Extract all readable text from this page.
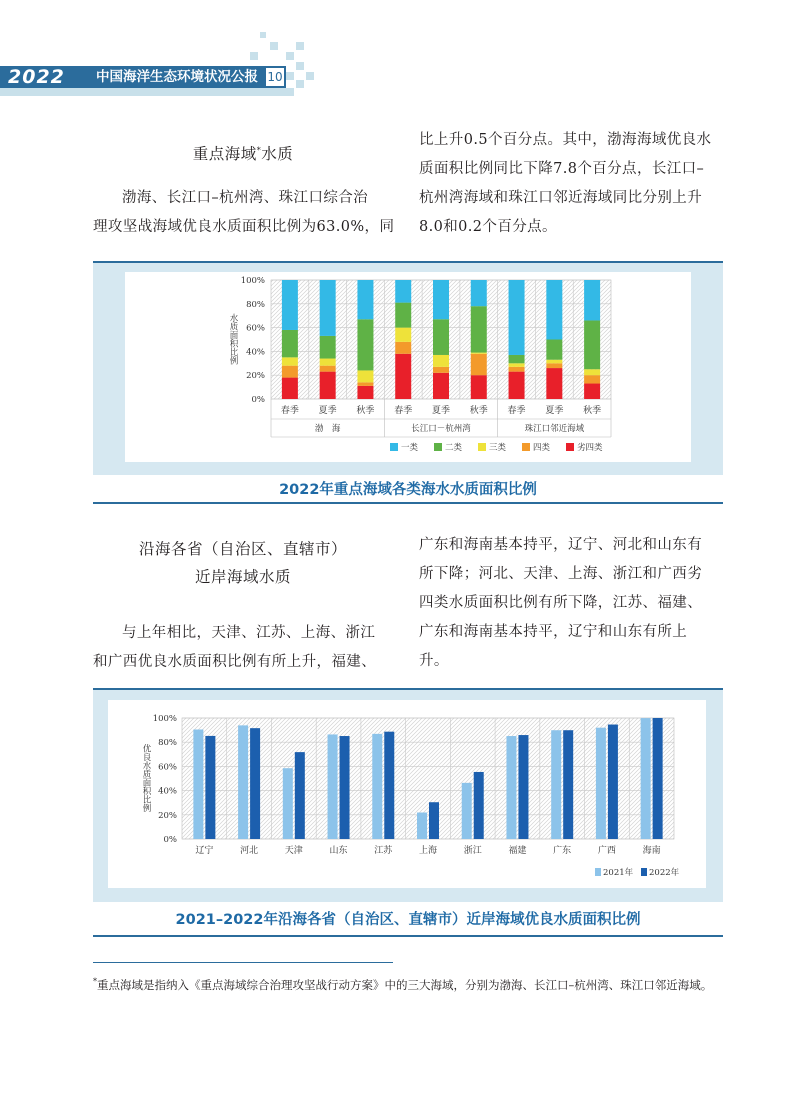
2022	中国海洋生态环境状况公报 10
重点海域*水质
渤海、长江口–杭州湾、珠江口综合治
理攻坚战海域优良水质面积比例为63.0%，同
比上升0.5个百分点。其中，渤海海域优良水
质面积比例同比下降7.8个百分点，长江口–
杭州湾海域和珠江口邻近海域同比分别上升
8.0和0.2个百分点。
0%
20%
40%
60%
80%
100%
水
质
面
积
比
例
春季 夏季 秋季 春季 夏季 秋季 春季 夏季 秋季
渤　海	长江口－杭州湾	珠江口邻近海域
一类	二类	三类	四类	劣四类
2022年重点海域各类海水水质面积比例
沿海各省（自治区、直辖市）
近岸海域水质
与上年相比，天津、江苏、上海、浙江
和广西优良水质面积比例有所上升，福建、
广东和海南基本持平，辽宁、河北和山东有
所下降；河北、天津、上海、浙江和广西劣
四类水质面积比例有所下降，江苏、福建、
广东和海南基本持平，辽宁和山东有所上
升。
0%
20%
40%
60%
80%
100%
优
良
水
质
面
积
比
例
辽宁	河北	天津	山东	江苏	上海	浙江	福建	广东	广西	海南
2021年 2022年
2021–2022年沿海各省（自治区、直辖市）近岸海域优良水质面积比例
*重点海域是指纳入《重点海域综合治理攻坚战行动方案》中的三大海域，分别为渤海、长江口–杭州湾、珠江口邻近海域。
